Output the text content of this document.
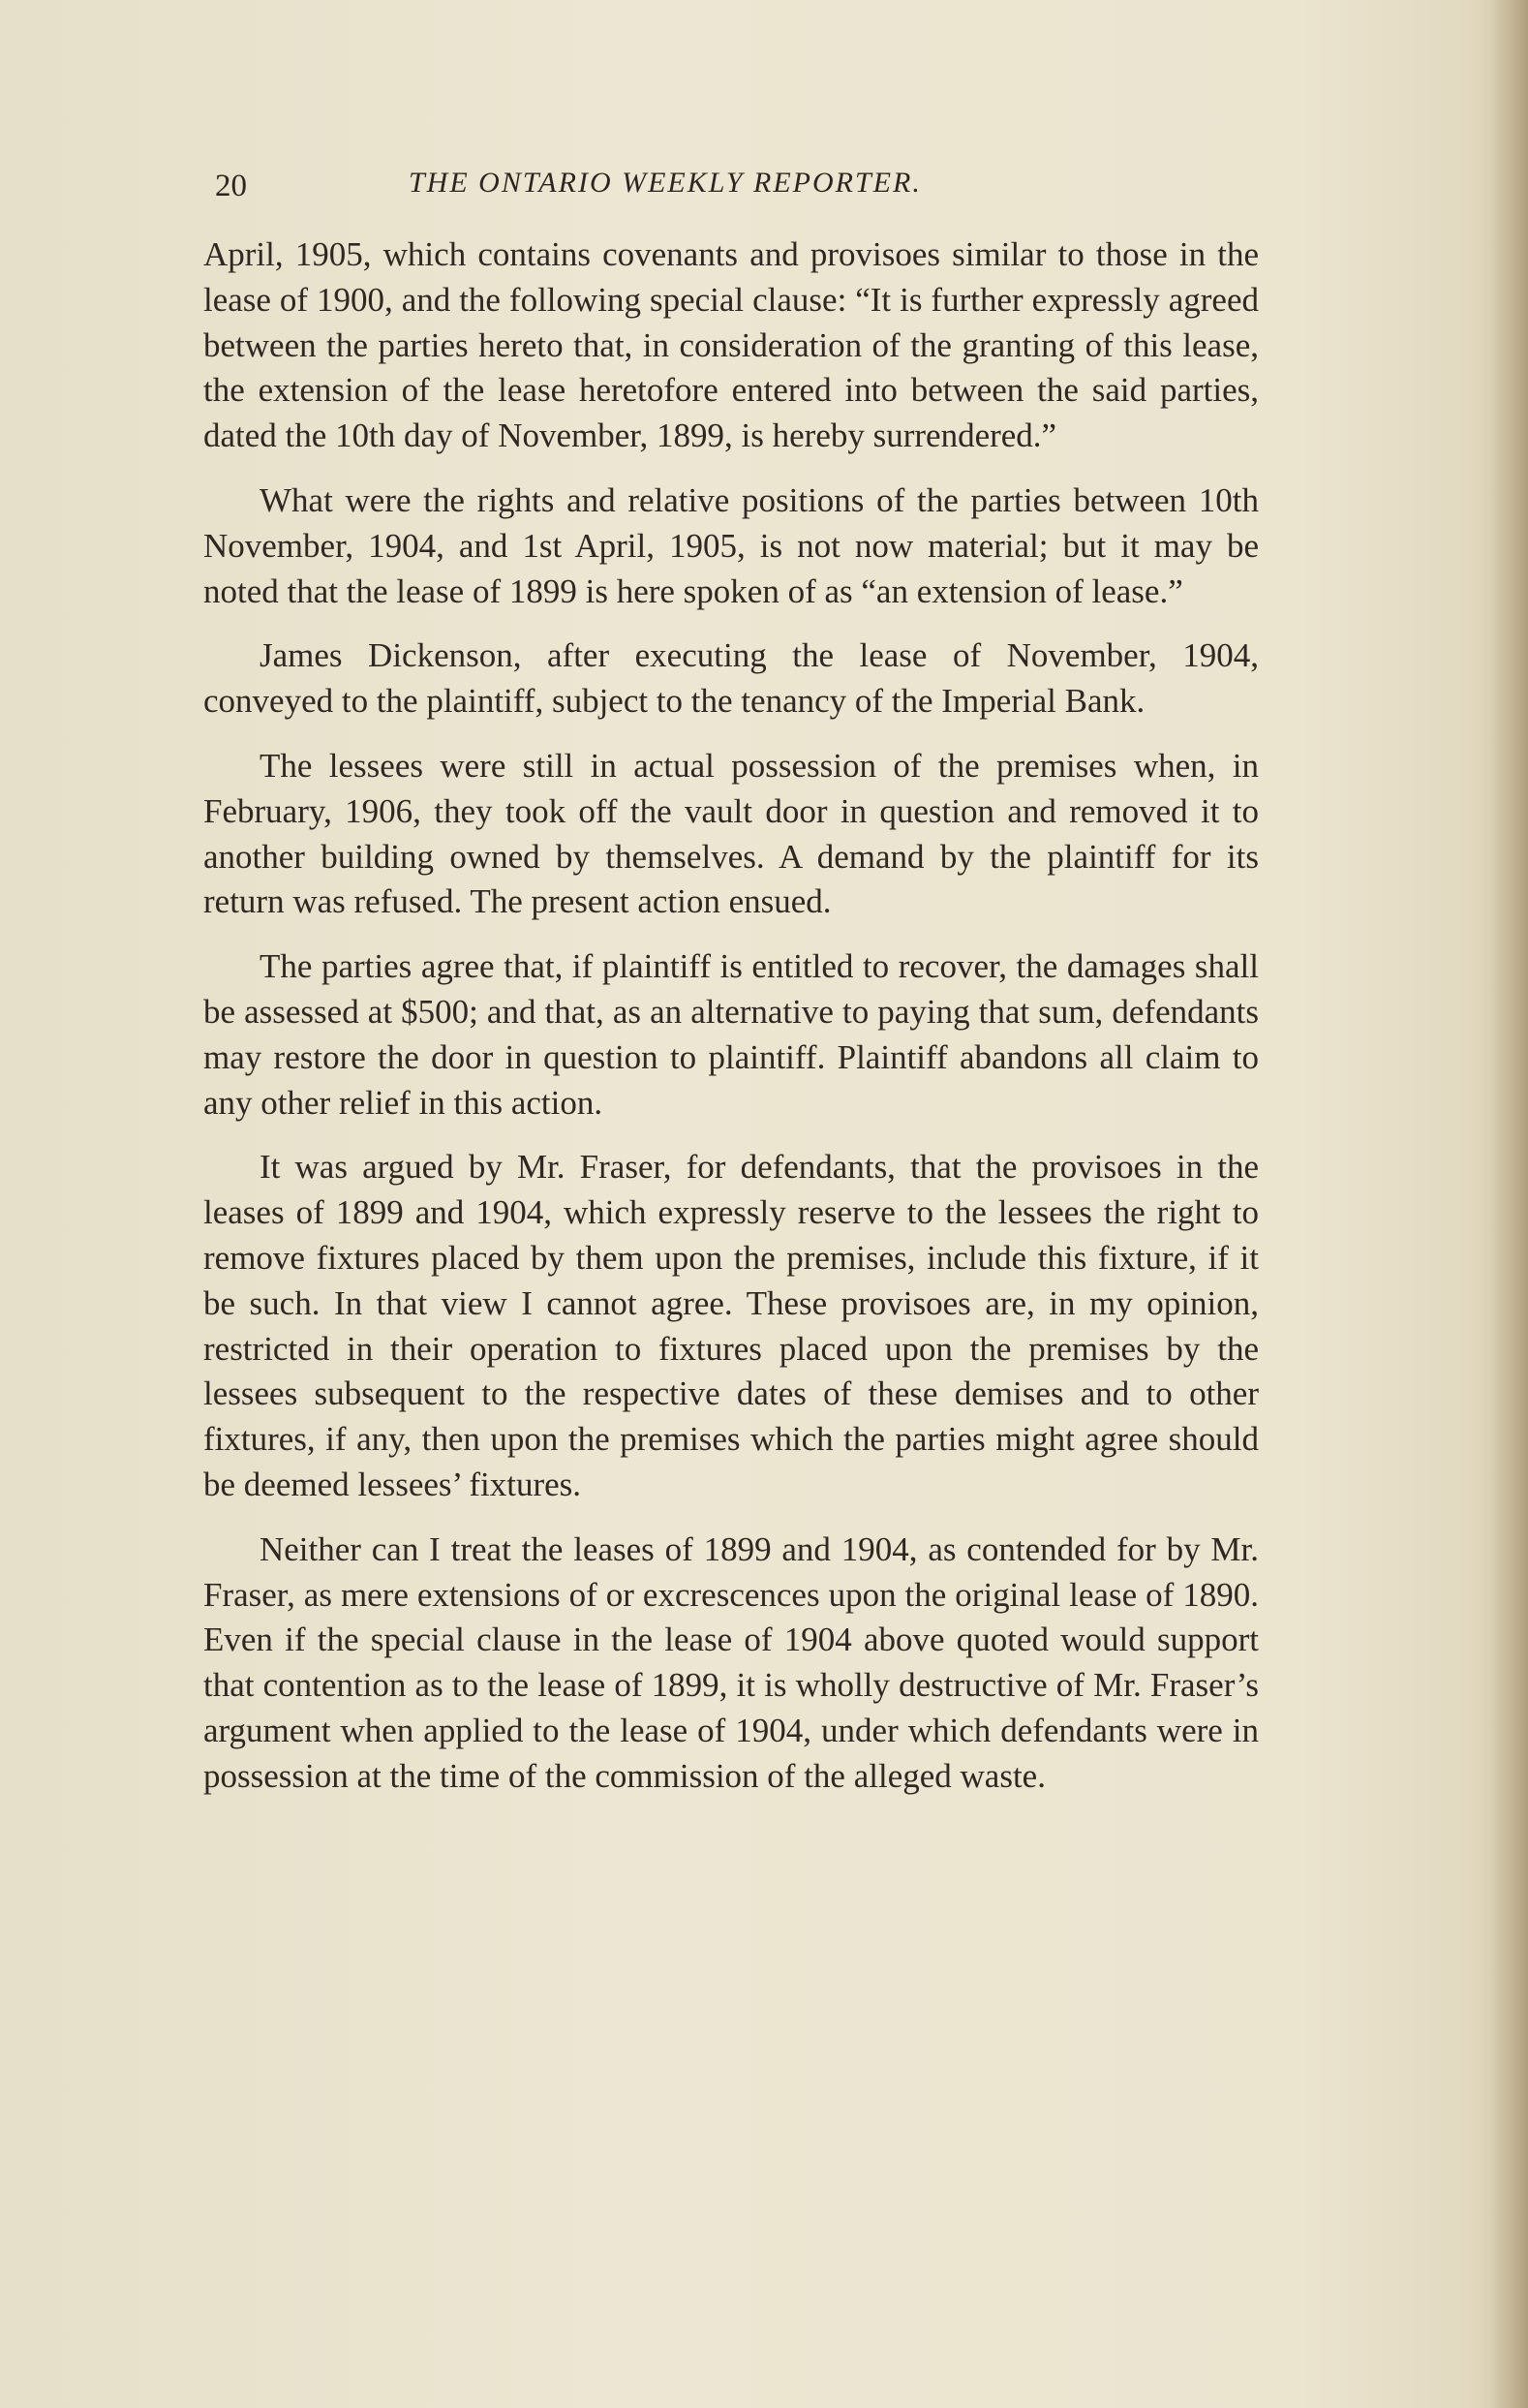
20	THE ONTARIO WEEKLY REPORTER.

April, 1905, which contains covenants and provisoes similar to those in the lease of 1900, and the following special clause: “It is further expressly agreed between the parties hereto that, in consideration of the granting of this lease, the extension of the lease heretofore entered into between the said parties, dated the 10th day of November, 1899, is hereby surrendered.”

What were the rights and relative positions of the parties between 10th November, 1904, and 1st April, 1905, is not now material; but it may be noted that the lease of 1899 is here spoken of as “an extension of lease.”

James Dickenson, after executing the lease of November, 1904, conveyed to the plaintiff, subject to the tenancy of the Imperial Bank.

The lessees were still in actual possession of the premises when, in February, 1906, they took off the vault door in question and removed it to another building owned by themselves. A demand by the plaintiff for its return was refused. The present action ensued.

The parties agree that, if plaintiff is entitled to recover, the damages shall be assessed at $500; and that, as an alternative to paying that sum, defendants may restore the door in question to plaintiff. Plaintiff abandons all claim to any other relief in this action.

It was argued by Mr. Fraser, for defendants, that the provisoes in the leases of 1899 and 1904, which expressly reserve to the lessees the right to remove fixtures placed by them upon the premises, include this fixture, if it be such. In that view I cannot agree. These provisoes are, in my opinion, restricted in their operation to fixtures placed upon the premises by the lessees subsequent to the respective dates of these demises and to other fixtures, if any, then upon the premises which the parties might agree should be deemed lessees’ fixtures.

Neither can I treat the leases of 1899 and 1904, as contended for by Mr. Fraser, as mere extensions of or excrescences upon the original lease of 1890. Even if the special clause in the lease of 1904 above quoted would support that contention as to the lease of 1899, it is wholly destructive of Mr. Fraser’s argument when applied to the lease of 1904, under which defendants were in possession at the time of the commission of the alleged waste.
